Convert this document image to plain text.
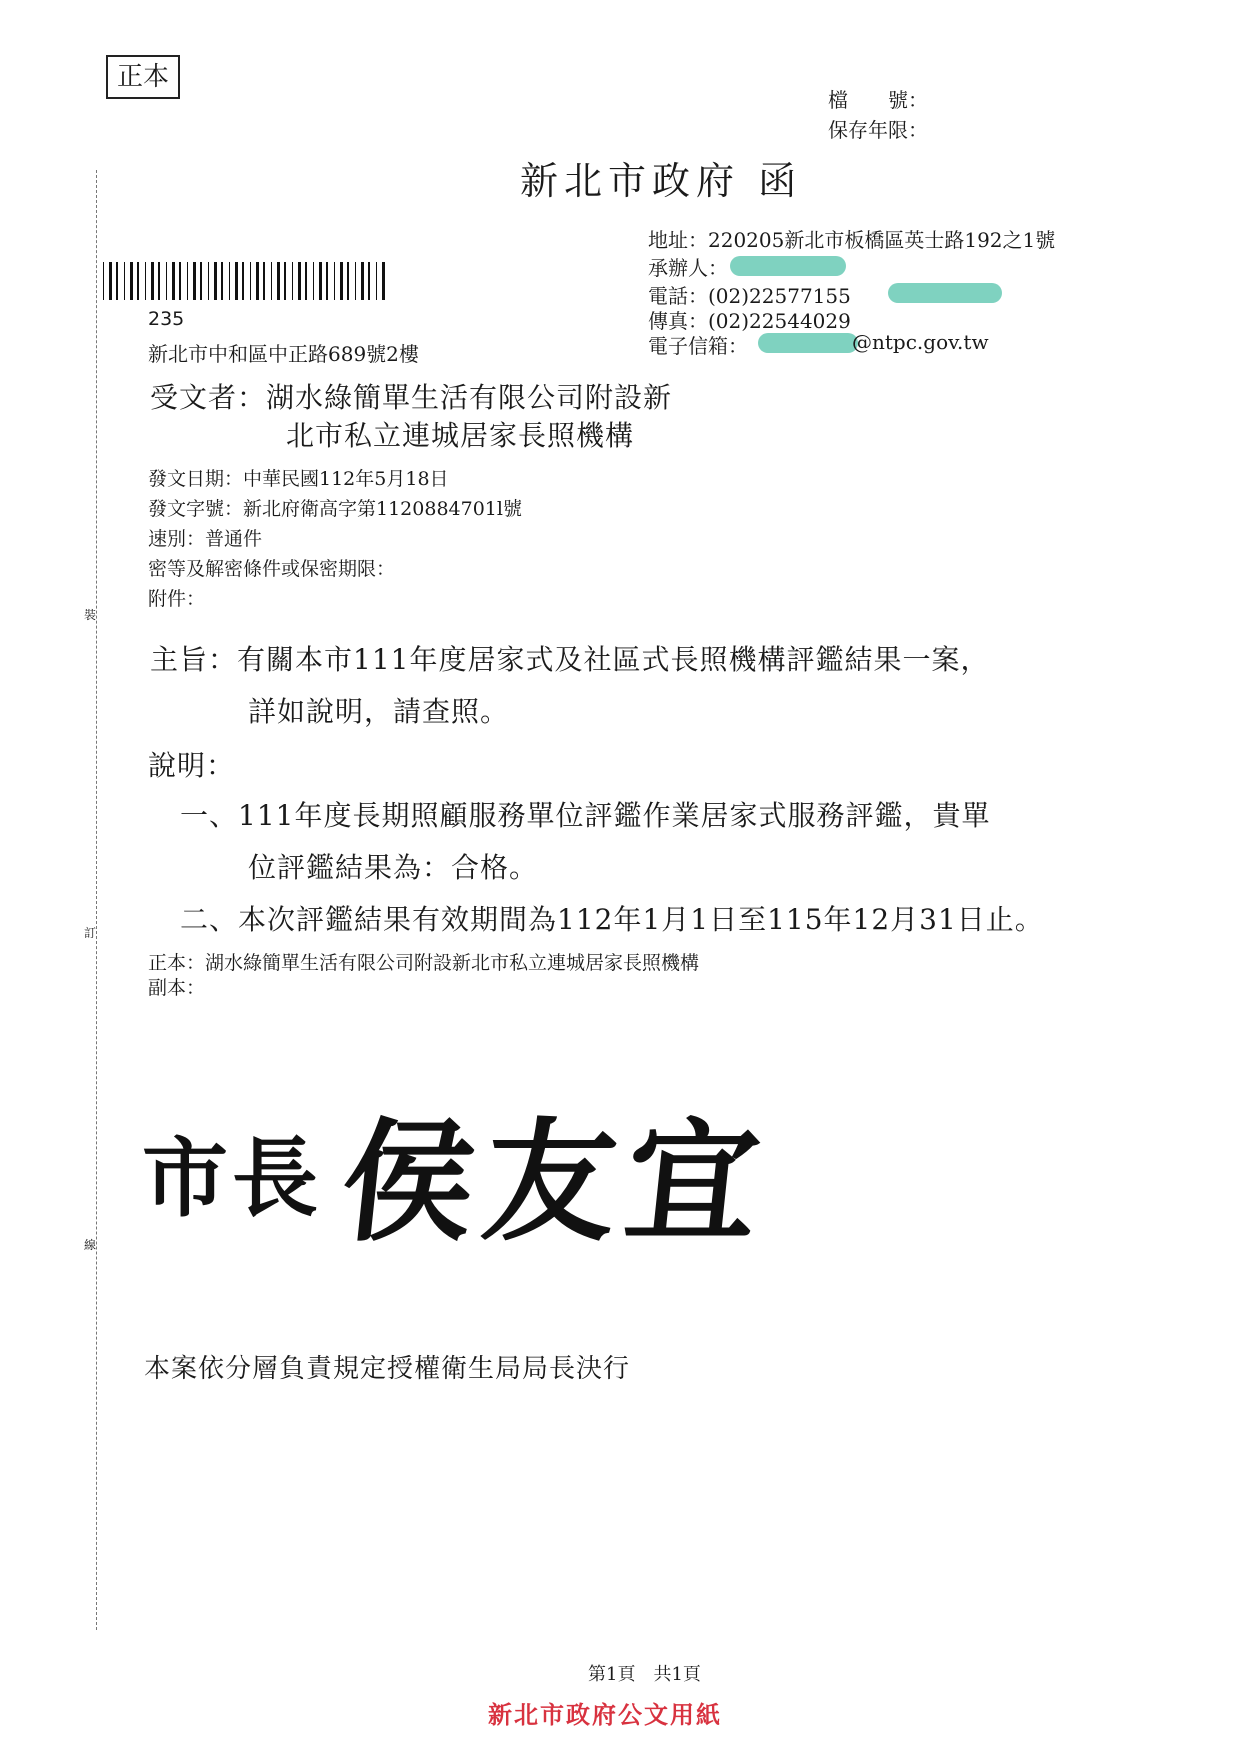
裝
訂
線
正本
檔　　號：
保存年限：
新北市政府 函
235
新北市中和區中正路689號2樓
地址：220205新北市板橋區英士路192之1號
承辦人：
電話：(02)22577155
傳真：(02)22544029
電子信箱：	@ntpc.gov.tw
受文者：湖水綠簡單生活有限公司附設新
北市私立連城居家長照機構
發文日期：中華民國112年5月18日
發文字號：新北府衛高字第1120884701l號
速別：普通件
密等及解密條件或保密期限：
附件：
主旨：有關本市111年度居家式及社區式長照機構評鑑結果一案，
詳如說明，請查照。
說明：
一、111年度長期照顧服務單位評鑑作業居家式服務評鑑，貴單
位評鑑結果為：合格。
二、本次評鑑結果有效期間為112年1月1日至115年12月31日止。
正本：湖水綠簡單生活有限公司附設新北市私立連城居家長照機構
副本：
市長 侯友宜
本案依分層負責規定授權衛生局局長決行
第1頁　共1頁
新北市政府公文用紙
